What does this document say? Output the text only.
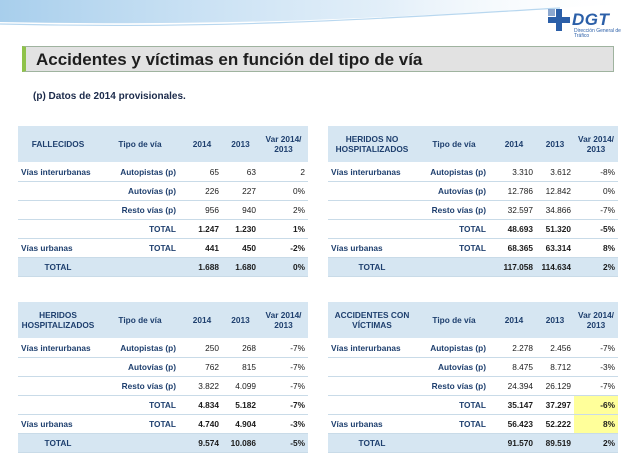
DGT
Dirección General de Tráfico
Accidentes y víctimas en función del tipo de vía
(p) Datos de 2014 provisionales.
FALLECIDOS	Tipo de vía	2014	2013	Var 2014/ 2013
Vías interurbanas	Autopistas (p)	65	63	2
	Autovías (p)	226	227	0%
	Resto vías (p)	956	940	2%
	TOTAL	1.247	1.230	1%
Vías urbanas	TOTAL	441	450	-2%
TOTAL		1.688	1.680	0%
HERIDOS NO HOSPITALIZADOS	Tipo de vía	2014	2013	Var 2014/ 2013
Vías interurbanas	Autopistas (p)	3.310	3.612	-8%
	Autovías (p)	12.786	12.842	0%
	Resto vías (p)	32.597	34.866	-7%
	TOTAL	48.693	51.320	-5%
Vías urbanas	TOTAL	68.365	63.314	8%
TOTAL		117.058	114.634	2%
HERIDOS HOSPITALIZADOS	Tipo de vía	2014	2013	Var 2014/ 2013
Vías interurbanas	Autopistas (p)	250	268	-7%
	Autovías (p)	762	815	-7%
	Resto vías (p)	3.822	4.099	-7%
	TOTAL	4.834	5.182	-7%
Vías urbanas	TOTAL	4.740	4.904	-3%
TOTAL		9.574	10.086	-5%
ACCIDENTES CON VÍCTIMAS	Tipo de vía	2014	2013	Var 2014/ 2013
Vías interurbanas	Autopistas (p)	2.278	2.456	-7%
	Autovías (p)	8.475	8.712	-3%
	Resto vías (p)	24.394	26.129	-7%
	TOTAL	35.147	37.297	-6%
Vías urbanas	TOTAL	56.423	52.222	8%
TOTAL		91.570	89.519	2%
